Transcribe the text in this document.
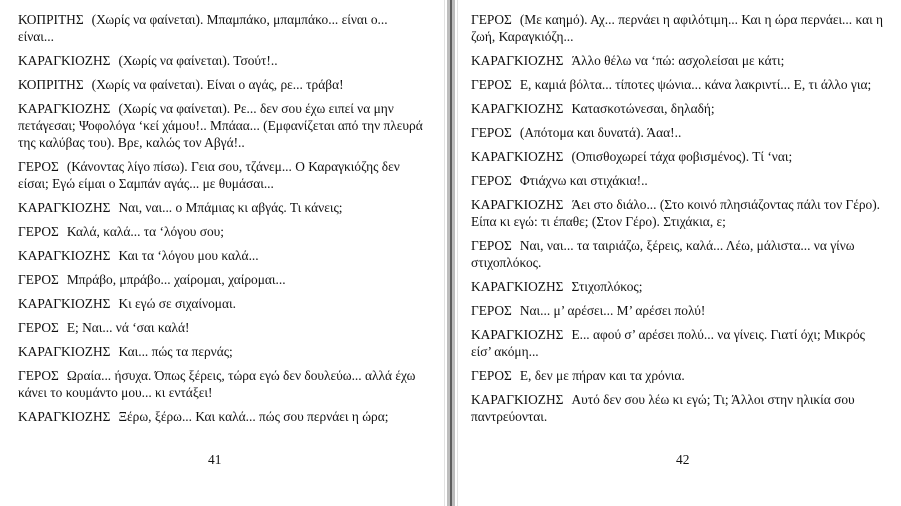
ΚΟΠΡΙΤΗΣ (Χωρίς να φαίνεται). Μπαμπάκο, μπαμπάκο... είναι ο... είναι...

ΚΑΡΑΓΚΙΟΖΗΣ (Χωρίς να φαίνεται). Τσούτ!..

ΚΟΠΡΙΤΗΣ (Χωρίς να φαίνεται). Είναι ο αγάς, ρε... τράβα!

ΚΑΡΑΓΚΙΟΖΗΣ (Χωρίς να φαίνεται). Ρε... δεν σου έχω ειπεί να μην πετάγεσαι; Ψοφολόγα ‘κεί χάμου!.. Μπάαα... (Εμφανίζεται από την πλευρά της καλύβας του). Βρε, καλώς τον Αβγά!..

ΓΕΡΟΣ (Κάνοντας λίγο πίσω). Γεια σου, τζάνεμ... Ο Καραγκιόζης δεν είσαι; Εγώ είμαι ο Σαμπάν αγάς... με θυμάσαι...

ΚΑΡΑΓΚΙΟΖΗΣ Ναι, ναι... ο Μπάμιας κι αβγάς. Τι κάνεις;

ΓΕΡΟΣ Καλά, καλά... τα ‘λόγου σου;

ΚΑΡΑΓΚΙΟΖΗΣ Και τα ‘λόγου μου καλά...

ΓΕΡΟΣ Μπράβο, μπράβο... χαίρομαι, χαίρομαι...

ΚΑΡΑΓΚΙΟΖΗΣ Κι εγώ σε σιχαίνομαι.

ΓΕΡΟΣ Ε; Ναι... νά ‘σαι καλά!

ΚΑΡΑΓΚΙΟΖΗΣ Και... πώς τα περνάς;

ΓΕΡΟΣ Ωραία... ήσυχα. Όπως ξέρεις, τώρα εγώ δεν δουλεύω... αλλά έχω κάνει το κουμάντο μου... κι εντάξει!

ΚΑΡΑΓΚΙΟΖΗΣ Ξέρω, ξέρω... Και καλά... πώς σου περνάει η ώρα;

41

ΓΕΡΟΣ (Με καημό). Αχ... περνάει η αφιλότιμη... Και η ώρα περνάει... και η ζωή, Καραγκιόζη...

ΚΑΡΑΓΚΙΟΖΗΣ Άλλο θέλω να ‘πώ: ασχολείσαι με κάτι;

ΓΕΡΟΣ Ε, καμιά βόλτα... τίποτες ψώνια... κάνα λακριντί... Ε, τι άλλο για;

ΚΑΡΑΓΚΙΟΖΗΣ Κατασκοτώνεσαι, δηλαδή;

ΓΕΡΟΣ (Απότομα και δυνατά). Άαα!..

ΚΑΡΑΓΚΙΟΖΗΣ (Οπισθοχωρεί τάχα φοβισμένος). Τί ‘ναι;

ΓΕΡΟΣ Φτιάχνω και στιχάκια!..

ΚΑΡΑΓΚΙΟΖΗΣ Άει στο διάλο... (Στο κοινό πλησιάζοντας πάλι τον Γέρο). Είπα κι εγώ: τι έπαθε; (Στον Γέρο). Στιχάκια, ε;

ΓΕΡΟΣ Ναι, ναι... τα ταιριάζω, ξέρεις, καλά... Λέω, μάλιστα... να γίνω στιχοπλόκος.

ΚΑΡΑΓΚΙΟΖΗΣ Στιχοπλόκος;

ΓΕΡΟΣ Ναι... μ’ αρέσει... Μ’ αρέσει πολύ!

ΚΑΡΑΓΚΙΟΖΗΣ Ε... αφού σ’ αρέσει πολύ... να γίνεις. Γιατί όχι; Μικρός είσ’ ακόμη...

ΓΕΡΟΣ Ε, δεν με πήραν και τα χρόνια.

ΚΑΡΑΓΚΙΟΖΗΣ Αυτό δεν σου λέω κι εγώ; Τι; Άλλοι στην ηλικία σου παντρεύονται.

42
